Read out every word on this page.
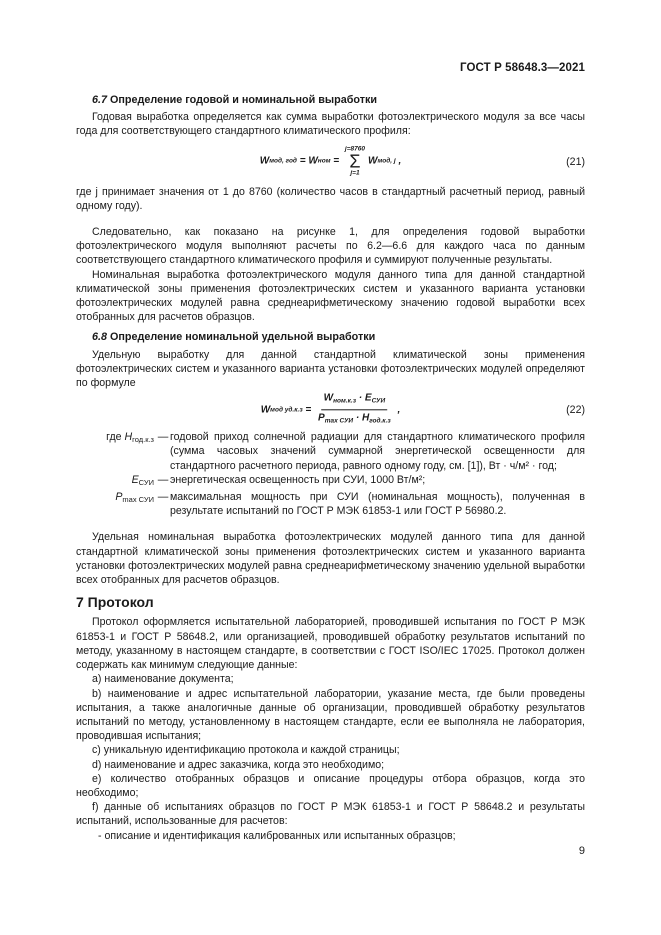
ГОСТ Р 58648.3—2021
6.7 Определение годовой и номинальной выработки

Годовая выработка определяется как сумма выработки фотоэлектрического модуля за все часы года для соответствующего стандартного климатического профиля:

W мод, год = W ном =
j=8760
Σ
j=1
W мод, j ,	(21)

где j принимает значения от 1 до 8760 (количество часов в стандартный расчетный период, равный одному году).

Следовательно, как показано на рисунке 1, для определения годовой выработки фотоэлектрического модуля выполняют расчеты по 6.2—6.6 для каждого часа по данным соответствующего стандартного климатического профиля и суммируют полученные результаты.

Номинальная выработка фотоэлектрического модуля данного типа для данной стандартной климатической зоны применения фотоэлектрических систем и указанного варианта установки фотоэлектрических модулей равна среднеарифметическому значению годовой выработки всех отобранных для расчетов образцов.

6.8 Определение номинальной удельной выработки

Удельную выработку для данной стандартной климатической зоны применения фотоэлектрических систем и указанного варианта установки фотоэлектрических модулей определяют по формуле

W мод $уд.к.з = \frac{W_{ном.к.з} \cdot E_{СУИ}}{P_{max СУИ} \cdot H_{год.к.з}}$ ,	(22)
где Hгод.к.з — годовой приход солнечной радиации для стандартного климатического профиля (сумма часовых значений суммарной энергетической освещенности для стандартного расчетного периода, равного одному году, см. [1]), Вт · ч/м² · год;
EСУИ — энергетическая освещенность при СУИ, 1000 Вт/м²;
Pmax СУИ — максимальная мощность при СУИ (номинальная мощность), полученная в результате испытаний по ГОСТ Р МЭК 61853-1 или ГОСТ Р 56980.2.

Удельная номинальная выработка фотоэлектрических модулей данного типа для данной стандартной климатической зоны применения фотоэлектрических систем и указанного варианта установки фотоэлектрических модулей равна среднеарифметическому значению удельной выработки всех отобранных для расчетов образцов.

7 Протокол

Протокол оформляется испытательной лабораторией, проводившей испытания по ГОСТ Р МЭК 61853-1 и ГОСТ Р 58648.2, или организацией, проводившей обработку результатов испытаний по методу, указанному в настоящем стандарте, в соответствии с ГОСТ ISO/IEC 17025. Протокол должен содержать как минимум следующие данные:

a) наименование документа;

b) наименование и адрес испытательной лаборатории, указание места, где были проведены испытания, а также аналогичные данные об организации, проводившей обработку результатов испытаний по методу, установленному в настоящем стандарте, если ее выполняла не лаборатория, проводившая испытания;

c) уникальную идентификацию протокола и каждой страницы;

d) наименование и адрес заказчика, когда это необходимо;

e) количество отобранных образцов и описание процедуры отбора образцов, когда это необходимо;

f) данные об испытаниях образцов по ГОСТ Р МЭК 61853-1 и ГОСТ Р 58648.2 и результаты испытаний, использованные для расчетов:

- описание и идентификация калиброванных или испытанных образцов;

9
